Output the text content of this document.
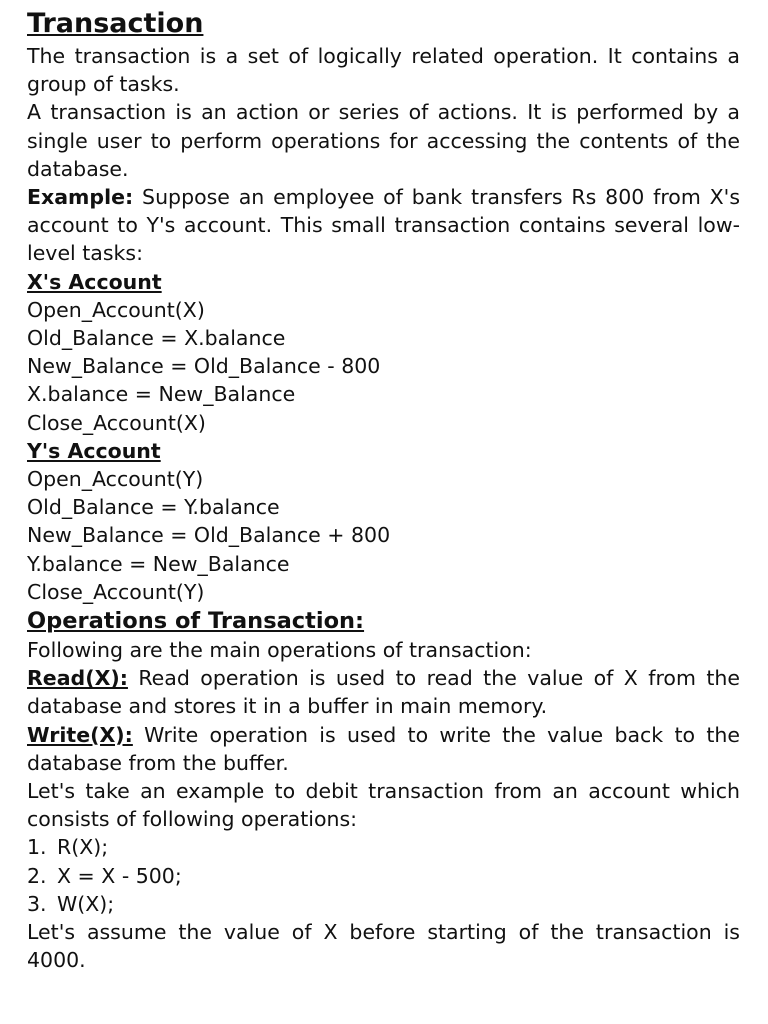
Transaction

The transaction is a set of logically related operation. It contains a group of tasks.

A transaction is an action or series of actions. It is performed by a single user to perform operations for accessing the contents of the database.

Example: Suppose an employee of bank transfers Rs 800 from X's account to Y's account. This small transaction contains several low-level tasks:

X's Account
Open_Account(X)
Old_Balance = X.balance
New_Balance = Old_Balance - 800
X.balance = New_Balance
Close_Account(X)
Y's Account
Open_Account(Y)
Old_Balance = Y.balance
New_Balance = Old_Balance + 800
Y.balance = New_Balance
Close_Account(Y)
Operations of Transaction:

Following are the main operations of transaction:

Read(X): Read operation is used to read the value of X from the database and stores it in a buffer in main memory.

Write(X): Write operation is used to write the value back to the database from the buffer.

Let's take an example to debit transaction from an account which consists of following operations:

1. R(X);
2. X = X - 500;
3. W(X);

Let's assume the value of X before starting of the transaction is 4000.
